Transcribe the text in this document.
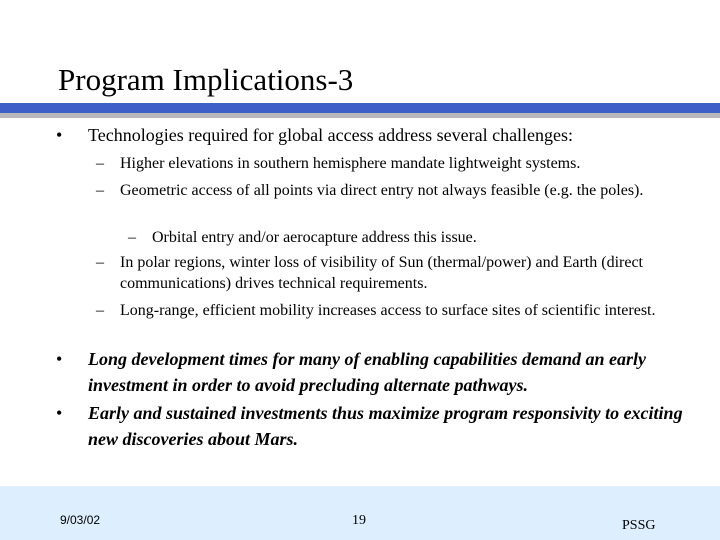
Program Implications-3
• Technologies required for global access address several challenges:
– Higher elevations in southern hemisphere mandate lightweight systems.
– Geometric access of all points via direct entry not always feasible (e.g. the poles).
– Orbital entry and/or aerocapture address this issue.
– In polar regions, winter loss of visibility of Sun (thermal/power) and Earth (direct communications) drives technical requirements.
– Long-range, efficient mobility increases access to surface sites of scientific interest.
• Long development times for many of enabling capabilities demand an early investment in order to avoid precluding alternate pathways.
• Early and sustained investments thus maximize program responsivity to exciting new discoveries about Mars.
9/03/02	19	PSSG
